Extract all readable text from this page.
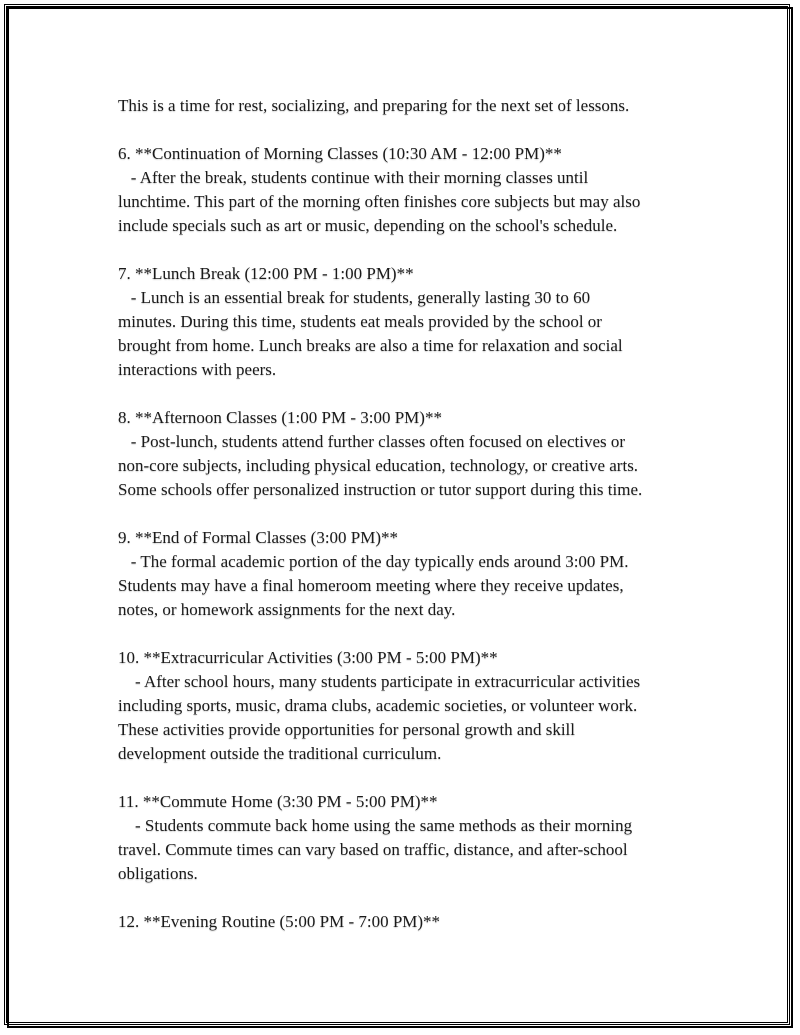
This is a time for rest, socializing, and preparing for the next set of lessons.

6. **Continuation of Morning Classes (10:30 AM - 12:00 PM)**

- After the break, students continue with their morning classes until
lunchtime. This part of the morning often finishes core subjects but may also
include specials such as art or music, depending on the school's schedule.

7. **Lunch Break (12:00 PM - 1:00 PM)**

- Lunch is an essential break for students, generally lasting 30 to 60
minutes. During this time, students eat meals provided by the school or
brought from home. Lunch breaks are also a time for relaxation and social
interactions with peers.

8. **Afternoon Classes (1:00 PM - 3:00 PM)**

- Post-lunch, students attend further classes often focused on electives or
non-core subjects, including physical education, technology, or creative arts.
Some schools offer personalized instruction or tutor support during this time.

9. **End of Formal Classes (3:00 PM)**

- The formal academic portion of the day typically ends around 3:00 PM.
Students may have a final homeroom meeting where they receive updates,
notes, or homework assignments for the next day.

10. **Extracurricular Activities (3:00 PM - 5:00 PM)**

- After school hours, many students participate in extracurricular activities
including sports, music, drama clubs, academic societies, or volunteer work.
These activities provide opportunities for personal growth and skill
development outside the traditional curriculum.

11. **Commute Home (3:30 PM - 5:00 PM)**

- Students commute back home using the same methods as their morning
travel. Commute times can vary based on traffic, distance, and after-school
obligations.

12. **Evening Routine (5:00 PM - 7:00 PM)**
